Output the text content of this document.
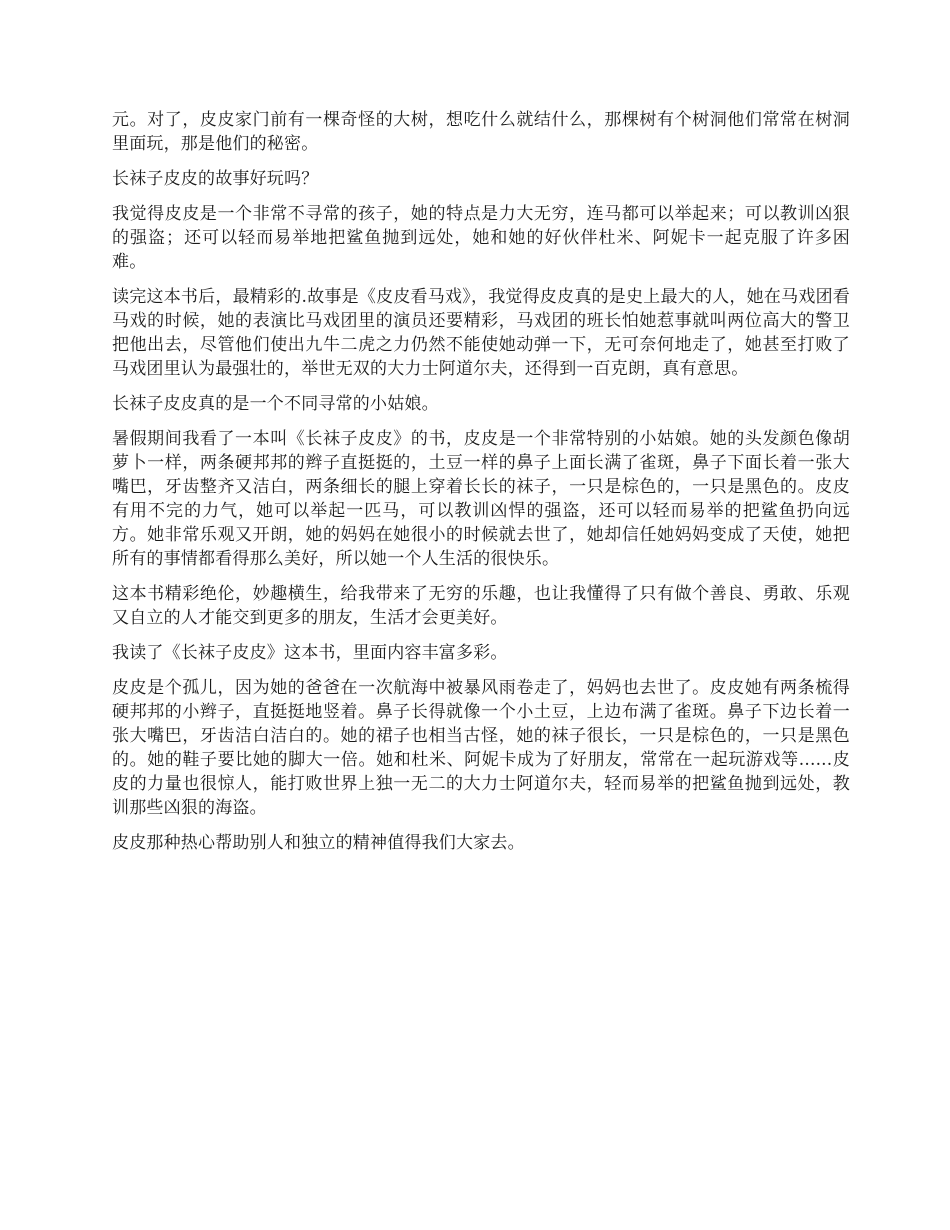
元。对了，皮皮家门前有一棵奇怪的大树，想吃什么就结什么，那棵树有个树洞他们常常在树洞里面玩，那是他们的秘密。

长袜子皮皮的故事好玩吗？

我觉得皮皮是一个非常不寻常的孩子，她的特点是力大无穷，连马都可以举起来；可以教训凶狠的强盗；还可以轻而易举地把鲨鱼抛到远处，她和她的好伙伴杜米、阿妮卡一起克服了许多困难。

读完这本书后，最精彩的.故事是《皮皮看马戏》，我觉得皮皮真的是史上最大的人，她在马戏团看马戏的时候，她的表演比马戏团里的演员还要精彩，马戏团的班长怕她惹事就叫两位高大的警卫把他出去，尽管他们使出九牛二虎之力仍然不能使她动弹一下，无可奈何地走了，她甚至打败了马戏团里认为最强壮的，举世无双的大力士阿道尔夫，还得到一百克朗，真有意思。

长袜子皮皮真的是一个不同寻常的小姑娘。

暑假期间我看了一本叫《长袜子皮皮》的书，皮皮是一个非常特别的小姑娘。她的头发颜色像胡萝卜一样，两条硬邦邦的辫子直挺挺的，土豆一样的鼻子上面长满了雀斑，鼻子下面长着一张大嘴巴，牙齿整齐又洁白，两条细长的腿上穿着长长的袜子，一只是棕色的，一只是黑色的。皮皮有用不完的力气，她可以举起一匹马，可以教训凶悍的强盗，还可以轻而易举的把鲨鱼扔向远方。她非常乐观又开朗，她的妈妈在她很小的时候就去世了，她却信任她妈妈变成了天使，她把所有的事情都看得那么美好，所以她一个人生活的很快乐。

这本书精彩绝伦，妙趣横生，给我带来了无穷的乐趣，也让我懂得了只有做个善良、勇敢、乐观又自立的人才能交到更多的朋友，生活才会更美好。

我读了《长袜子皮皮》这本书，里面内容丰富多彩。

皮皮是个孤儿，因为她的爸爸在一次航海中被暴风雨卷走了，妈妈也去世了。皮皮她有两条梳得硬邦邦的小辫子，直挺挺地竖着。鼻子长得就像一个小土豆，上边布满了雀斑。鼻子下边长着一张大嘴巴，牙齿洁白洁白的。她的裙子也相当古怪，她的袜子很长，一只是棕色的，一只是黑色的。她的鞋子要比她的脚大一倍。她和杜米、阿妮卡成为了好朋友，常常在一起玩游戏等......皮皮的力量也很惊人，能打败世界上独一无二的大力士阿道尔夫，轻而易举的把鲨鱼抛到远处，教训那些凶狠的海盗。

皮皮那种热心帮助别人和独立的精神值得我们大家去。
